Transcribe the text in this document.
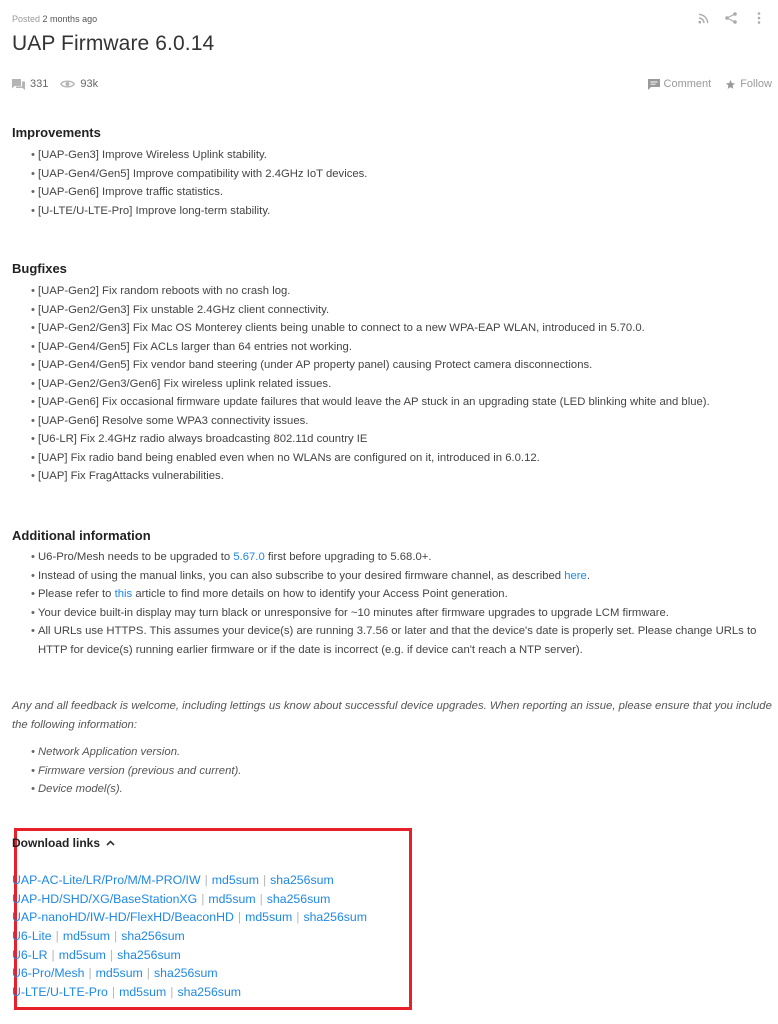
Posted 2 months ago
UAP Firmware 6.0.14
331	93k	Comment	Follow
Improvements
• [UAP-Gen3] Improve Wireless Uplink stability.
• [UAP-Gen4/Gen5] Improve compatibility with 2.4GHz IoT devices.
• [UAP-Gen6] Improve traffic statistics.
• [U-LTE/U-LTE-Pro] Improve long-term stability.
Bugfixes
• [UAP-Gen2] Fix random reboots with no crash log.
• [UAP-Gen2/Gen3] Fix unstable 2.4GHz client connectivity.
• [UAP-Gen2/Gen3] Fix Mac OS Monterey clients being unable to connect to a new WPA-EAP WLAN, introduced in 5.70.0.
• [UAP-Gen4/Gen5] Fix ACLs larger than 64 entries not working.
• [UAP-Gen4/Gen5] Fix vendor band steering (under AP property panel) causing Protect camera disconnections.
• [UAP-Gen2/Gen3/Gen6] Fix wireless uplink related issues.
• [UAP-Gen6] Fix occasional firmware update failures that would leave the AP stuck in an upgrading state (LED blinking white and blue).
• [UAP-Gen6] Resolve some WPA3 connectivity issues.
• [U6-LR] Fix 2.4GHz radio always broadcasting 802.11d country IE
• [UAP] Fix radio band being enabled even when no WLANs are configured on it, introduced in 6.0.12.
• [UAP] Fix FragAttacks vulnerabilities.
Additional information
• U6-Pro/Mesh needs to be upgraded to 5.67.0 first before upgrading to 5.68.0+.
• Instead of using the manual links, you can also subscribe to your desired firmware channel, as described here.
• Please refer to this article to find more details on how to identify your Access Point generation.
• Your device built-in display may turn black or unresponsive for ~10 minutes after firmware upgrades to upgrade LCM firmware.
• All URLs use HTTPS. This assumes your device(s) are running 3.7.56 or later and that the device's date is properly set. Please change URLs to HTTP for device(s) running earlier firmware or if the date is incorrect (e.g. if device can't reach a NTP server).

Any and all feedback is welcome, including lettings us know about successful device upgrades. When reporting an issue, please ensure that you include the following information:

• Network Application version.
• Firmware version (previous and current).
• Device model(s).
Download links
UAP-AC-Lite/LR/Pro/M/M-PRO/IW | md5sum | sha256sum
UAP-HD/SHD/XG/BaseStationXG | md5sum | sha256sum
UAP-nanoHD/IW-HD/FlexHD/BeaconHD | md5sum | sha256sum
U6-Lite | md5sum | sha256sum
U6-LR | md5sum | sha256sum
U6-Pro/Mesh | md5sum | sha256sum
U-LTE/U-LTE-Pro | md5sum | sha256sum
